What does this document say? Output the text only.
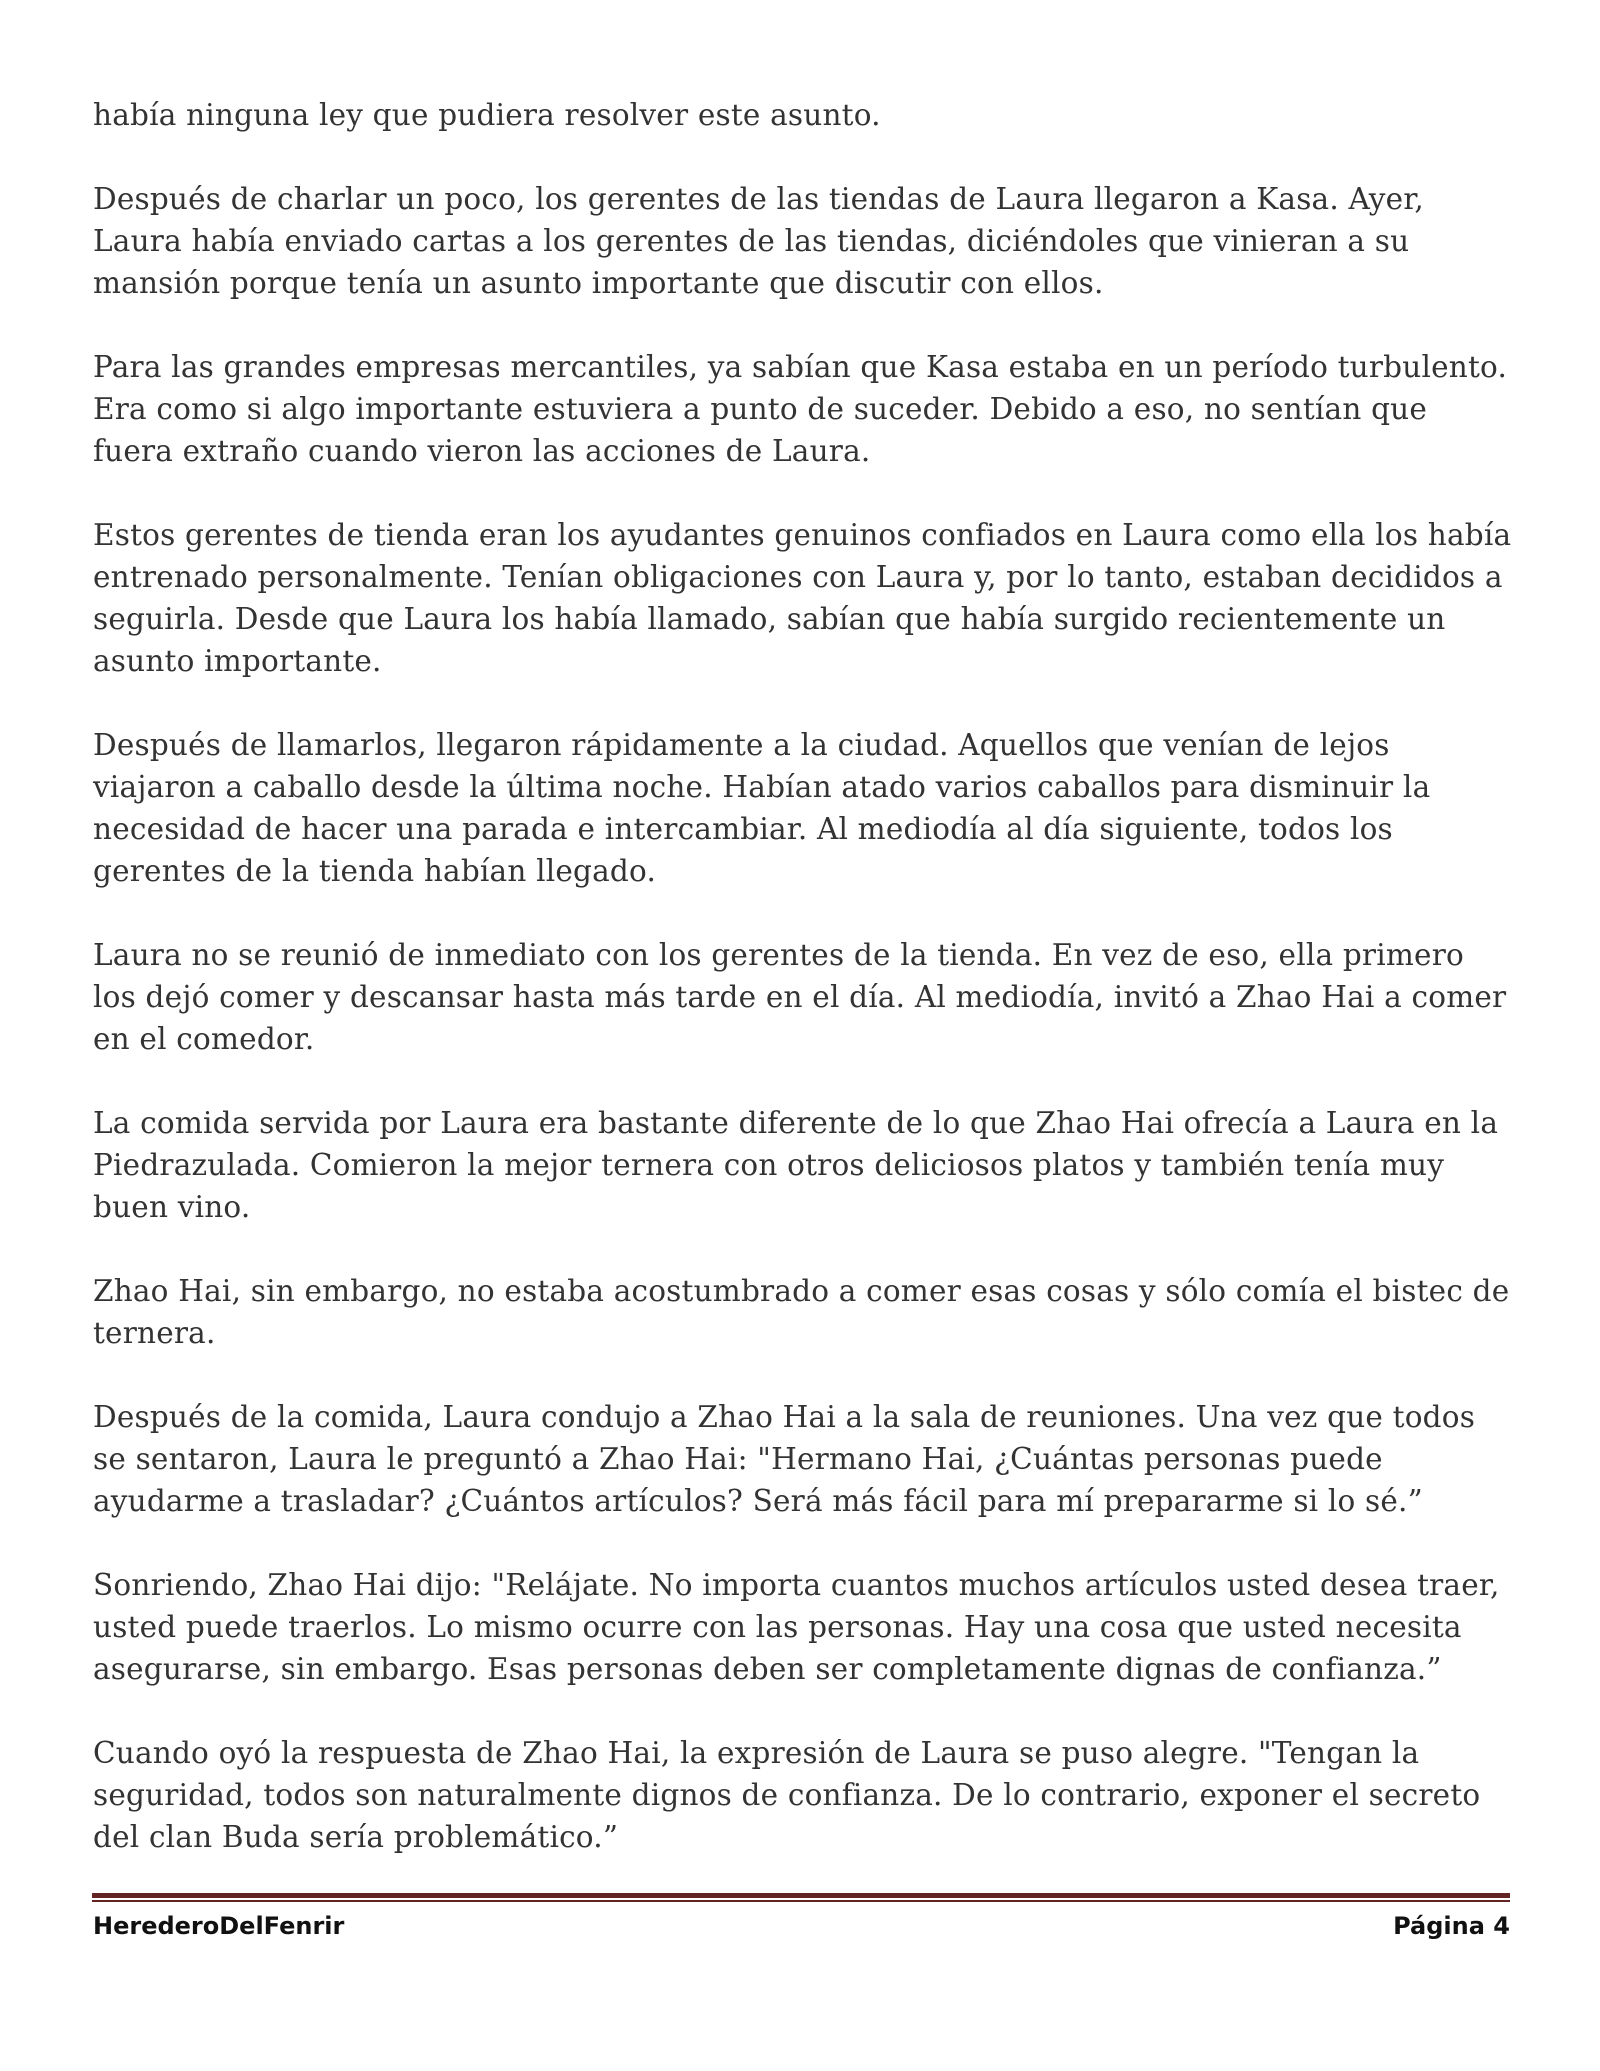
había ninguna ley que pudiera resolver este asunto.

Después de charlar un poco, los gerentes de las tiendas de Laura llegaron a Kasa. Ayer, Laura había enviado cartas a los gerentes de las tiendas, diciéndoles que vinieran a su mansión porque tenía un asunto importante que discutir con ellos.

Para las grandes empresas mercantiles, ya sabían que Kasa estaba en un período turbulento. Era como si algo importante estuviera a punto de suceder. Debido a eso, no sentían que fuera extraño cuando vieron las acciones de Laura.

Estos gerentes de tienda eran los ayudantes genuinos confiados en Laura como ella los había entrenado personalmente. Tenían obligaciones con Laura y, por lo tanto, estaban decididos a seguirla. Desde que Laura los había llamado, sabían que había surgido recientemente un asunto importante.

Después de llamarlos, llegaron rápidamente a la ciudad. Aquellos que venían de lejos viajaron a caballo desde la última noche. Habían atado varios caballos para disminuir la necesidad de hacer una parada e intercambiar. Al mediodía al día siguiente, todos los gerentes de la tienda habían llegado.

Laura no se reunió de inmediato con los gerentes de la tienda. En vez de eso, ella primero los dejó comer y descansar hasta más tarde en el día. Al mediodía, invitó a Zhao Hai a comer en el comedor.

La comida servida por Laura era bastante diferente de lo que Zhao Hai ofrecía a Laura en la Piedrazulada. Comieron la mejor ternera con otros deliciosos platos y también tenía muy buen vino.

Zhao Hai, sin embargo, no estaba acostumbrado a comer esas cosas y sólo comía el bistec de ternera.

Después de la comida, Laura condujo a Zhao Hai a la sala de reuniones. Una vez que todos se sentaron, Laura le preguntó a Zhao Hai: "Hermano Hai, ¿Cuántas personas puede ayudarme a trasladar? ¿Cuántos artículos? Será más fácil para mí prepararme si lo sé.”

Sonriendo, Zhao Hai dijo: "Relájate. No importa cuantos muchos artículos usted desea traer, usted puede traerlos. Lo mismo ocurre con las personas. Hay una cosa que usted necesita asegurarse, sin embargo. Esas personas deben ser completamente dignas de confianza.”

Cuando oyó la respuesta de Zhao Hai, la expresión de Laura se puso alegre. "Tengan la seguridad, todos son naturalmente dignos de confianza. De lo contrario, exponer el secreto del clan Buda sería problemático.”

HerederoDelFenrir	Página 4
